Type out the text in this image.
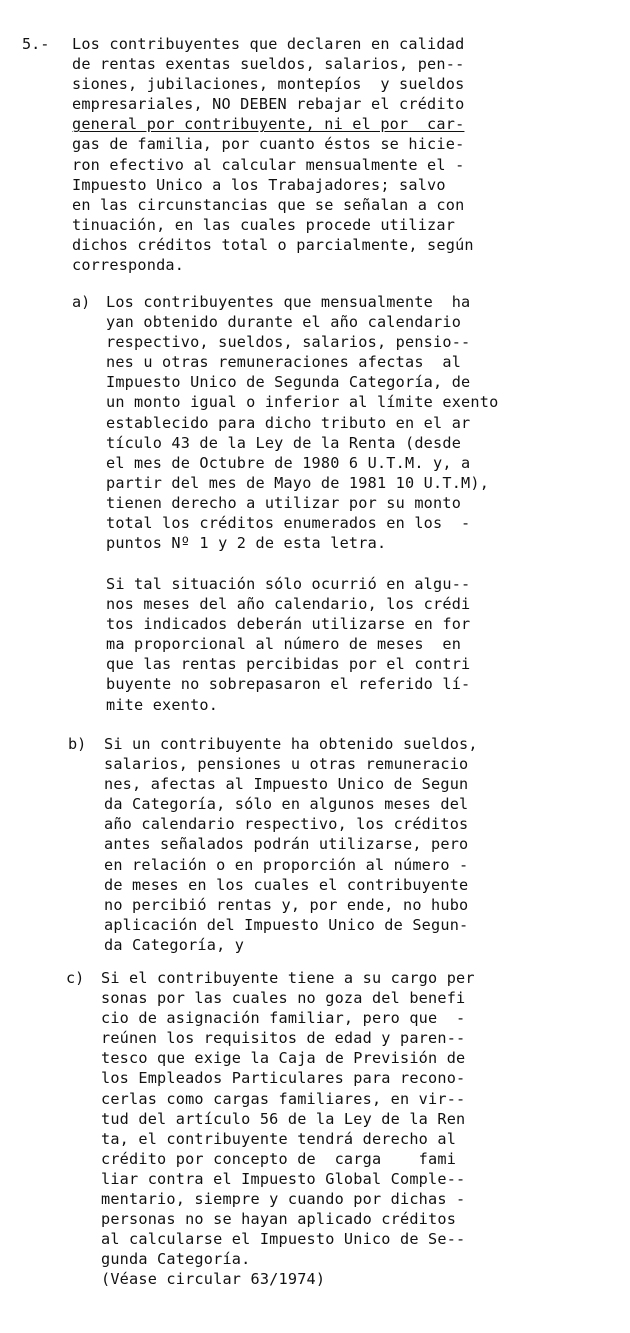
5.- Los contribuyentes que declaren en calidad
de rentas exentas sueldos, salarios, pen--
siones, jubilaciones, montepíos  y sueldos
empresariales, NO DEBEN rebajar el crédito
general por contribuyente, ni el por  car-
gas de familia, por cuanto éstos se hicie-
ron efectivo al calcular mensualmente el -
Impuesto Unico a los Trabajadores; salvo
en las circunstancias que se señalan a con
tinuación, en las cuales procede utilizar
dichos créditos total o parcialmente, según
corresponda.
a) Los contribuyentes que mensualmente  ha
yan obtenido durante el año calendario
respectivo, sueldos, salarios, pensio--
nes u otras remuneraciones afectas  al
Impuesto Unico de Segunda Categoría, de
un monto igual o inferior al límite exento
establecido para dicho tributo en el ar
tículo 43 de la Ley de la Renta (desde
el mes de Octubre de 1980 6 U.T.M. y, a
partir del mes de Mayo de 1981 10 U.T.M),
tienen derecho a utilizar por su monto
total los créditos enumerados en los  -
puntos Nº 1 y 2 de esta letra.
Si tal situación sólo ocurrió en algu--
nos meses del año calendario, los crédi
tos indicados deberán utilizarse en for
ma proporcional al número de meses  en
que las rentas percibidas por el contri
buyente no sobrepasaron el referido lí-
mite exento.
b) Si un contribuyente ha obtenido sueldos,
salarios, pensiones u otras remuneracio
nes, afectas al Impuesto Unico de Segun
da Categoría, sólo en algunos meses del
año calendario respectivo, los créditos
antes señalados podrán utilizarse, pero
en relación o en proporción al número -
de meses en los cuales el contribuyente
no percibió rentas y, por ende, no hubo
aplicación del Impuesto Unico de Segun-
da Categoría, y
c) Si el contribuyente tiene a su cargo per
sonas por las cuales no goza del benefi
cio de asignación familiar, pero que  -
reúnen los requisitos de edad y paren--
tesco que exige la Caja de Previsión de
los Empleados Particulares para recono-
cerlas como cargas familiares, en vir--
tud del artículo 56 de la Ley de la Ren
ta, el contribuyente tendrá derecho al
crédito por concepto de  carga    fami
liar contra el Impuesto Global Comple--
mentario, siempre y cuando por dichas -
personas no se hayan aplicado créditos
al calcularse el Impuesto Unico de Se--
gunda Categoría.
(Véase circular 63/1974)
